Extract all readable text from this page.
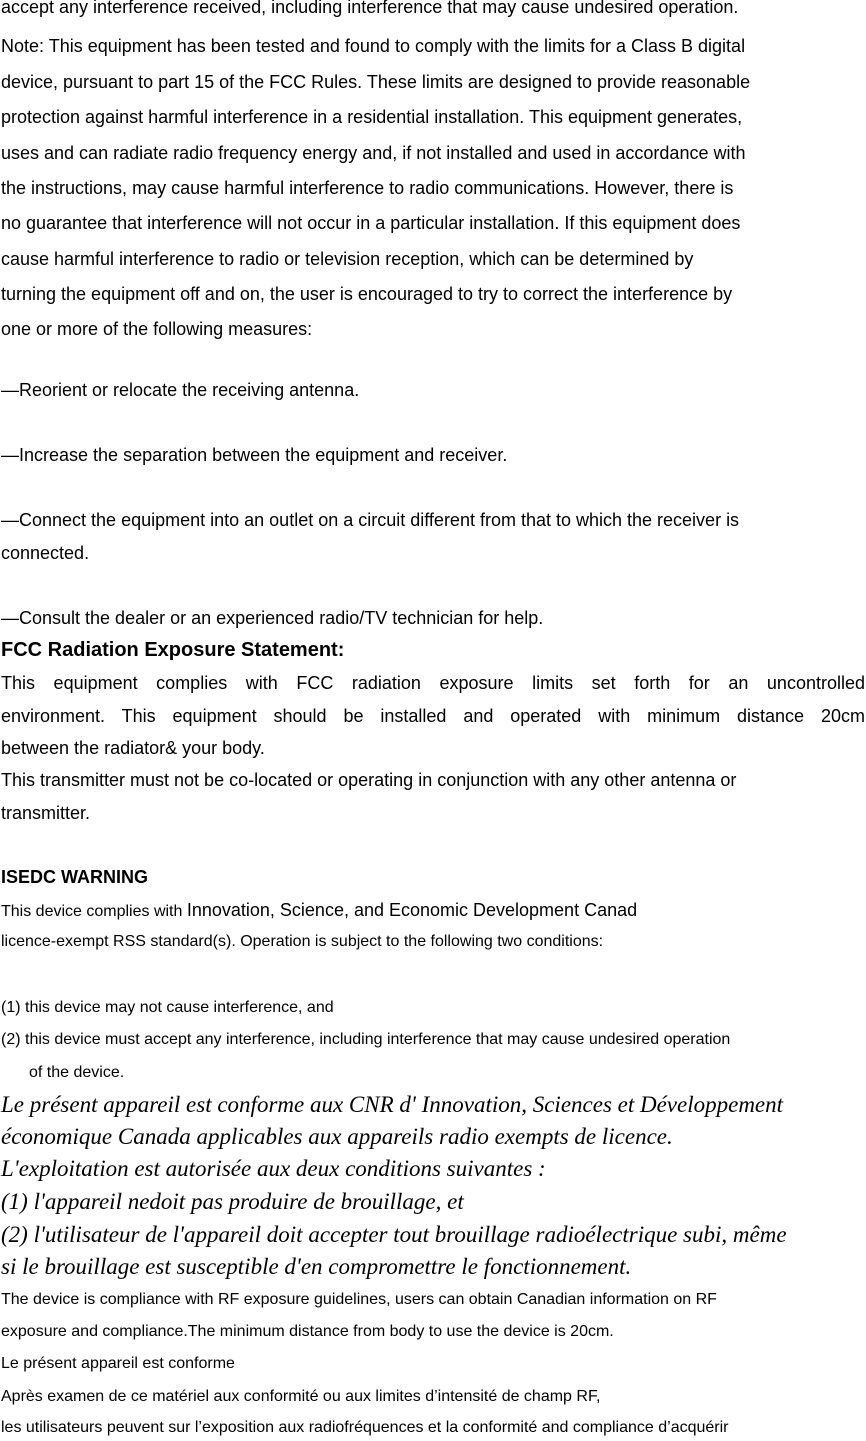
accept any interference received, including interference that may cause undesired operation.
Note: This equipment has been tested and found to comply with the limits for a Class B digital
device, pursuant to part 15 of the FCC Rules. These limits are designed to provide reasonable
protection against harmful interference in a residential installation. This equipment generates,
uses and can radiate radio frequency energy and, if not installed and used in accordance with
the instructions, may cause harmful interference to radio communications. However, there is
no guarantee that interference will not occur in a particular installation. If this equipment does
cause harmful interference to radio or television reception, which can be determined by
turning the equipment off and on, the user is encouraged to try to correct the interference by
one or more of the following measures:
—Reorient or relocate the receiving antenna.
—Increase the separation between the equipment and receiver.
—Connect the equipment into an outlet on a circuit different from that to which the receiver is
connected.
—Consult the dealer or an experienced radio/TV technician for help.
FCC Radiation Exposure Statement:
This equipment complies with FCC radiation exposure limits set forth for an uncontrolled
environment. This equipment should be installed and operated with minimum distance 20cm
between the radiator& your body.
This transmitter must not be co-located or operating in conjunction with any other antenna or
transmitter.
ISEDC WARNING
This device complies with Innovation, Science, and Economic Development Canad
licence-exempt RSS standard(s). Operation is subject to the following two conditions:
(1) this device may not cause interference, and
(2) this device must accept any interference, including interference that may cause undesired operation
of the device.
Le présent appareil est conforme aux CNR d' Innovation, Sciences et Développement
économique Canada applicables aux appareils radio exempts de licence.
L'exploitation est autorisée aux deux conditions suivantes :
(1) l'appareil nedoit pas produire de brouillage, et
(2) l'utilisateur de l'appareil doit accepter tout brouillage radioélectrique subi, même
si le brouillage est susceptible d'en compromettre le fonctionnement.
The device is compliance with RF exposure guidelines, users can obtain Canadian information on RF
exposure and compliance.The minimum distance from body to use the device is 20cm.
Le présent appareil est conforme
Après examen de ce matériel aux conformité ou aux limites d’intensité de champ RF,
les utilisateurs peuvent sur l’exposition aux radiofréquences et la conformité and compliance d’acquérir
